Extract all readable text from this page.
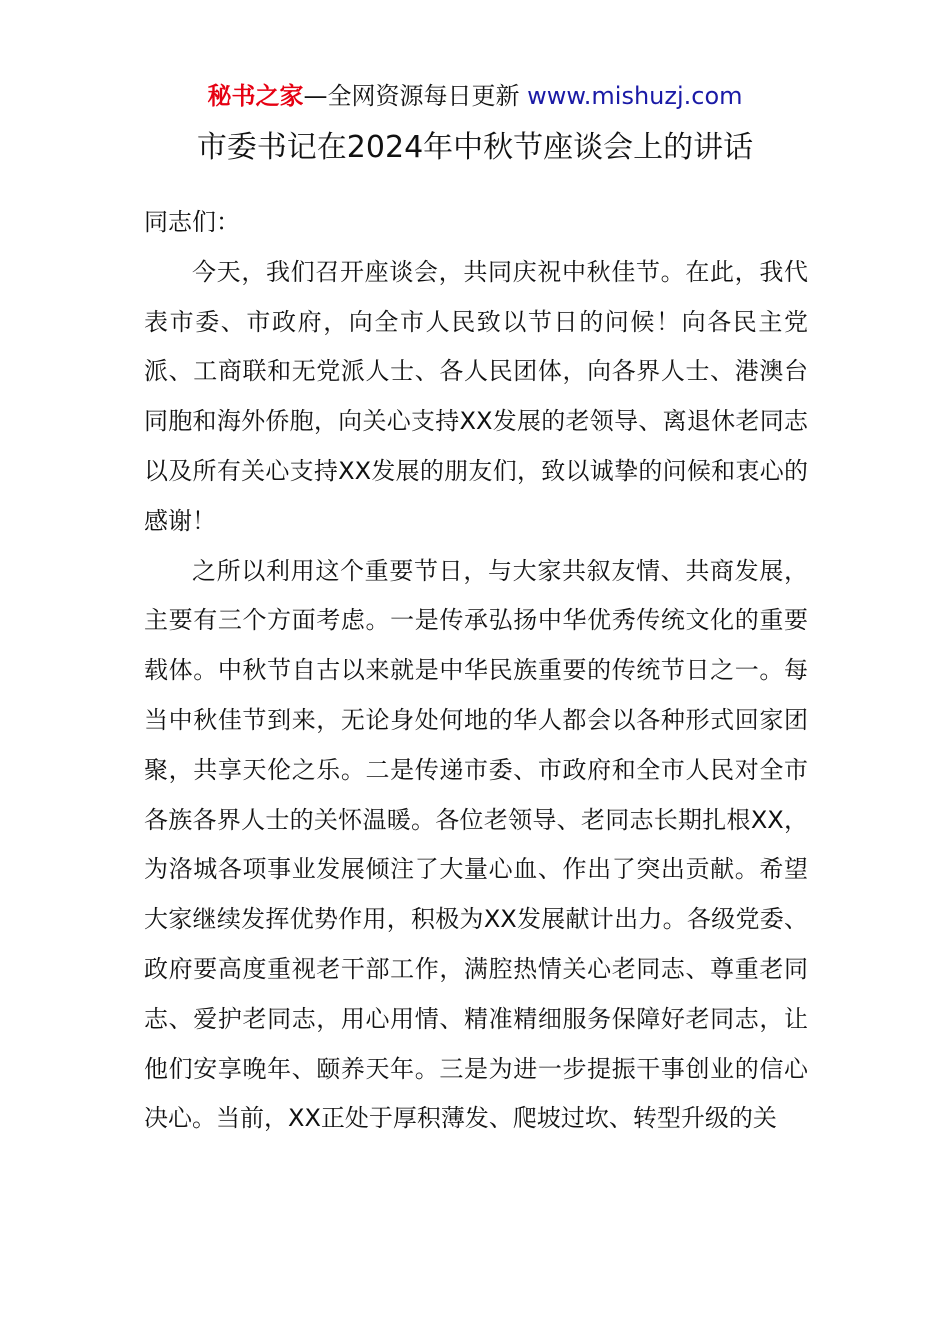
秘书之家—全网资源每日更新 www.mishuzj.com
市委书记在2024年中秋节座谈会上的讲话

同志们：

今天，我们召开座谈会，共同庆祝中秋佳节。在此，我代表市委、市政府，向全市人民致以节日的问候！向各民主党派、工商联和无党派人士、各人民团体，向各界人士、港澳台同胞和海外侨胞，向关心支持XX发展的老领导、离退休老同志以及所有关心支持XX发展的朋友们，致以诚挚的问候和衷心的感谢！

之所以利用这个重要节日，与大家共叙友情、共商发展，主要有三个方面考虑。一是传承弘扬中华优秀传统文化的重要载体。中秋节自古以来就是中华民族重要的传统节日之一。每当中秋佳节到来，无论身处何地的华人都会以各种形式回家团聚，共享天伦之乐。二是传递市委、市政府和全市人民对全市各族各界人士的关怀温暖。各位老领导、老同志长期扎根XX，为洛城各项事业发展倾注了大量心血、作出了突出贡献。希望大家继续发挥优势作用，积极为XX发展献计出力。各级党委、政府要高度重视老干部工作，满腔热情关心老同志、尊重老同志、爱护老同志，用心用情、精准精细服务保障好老同志，让他们安享晚年、颐养天年。三是为进一步提振干事创业的信心决心。当前，XX正处于厚积薄发、爬坡过坎、转型升级的关
